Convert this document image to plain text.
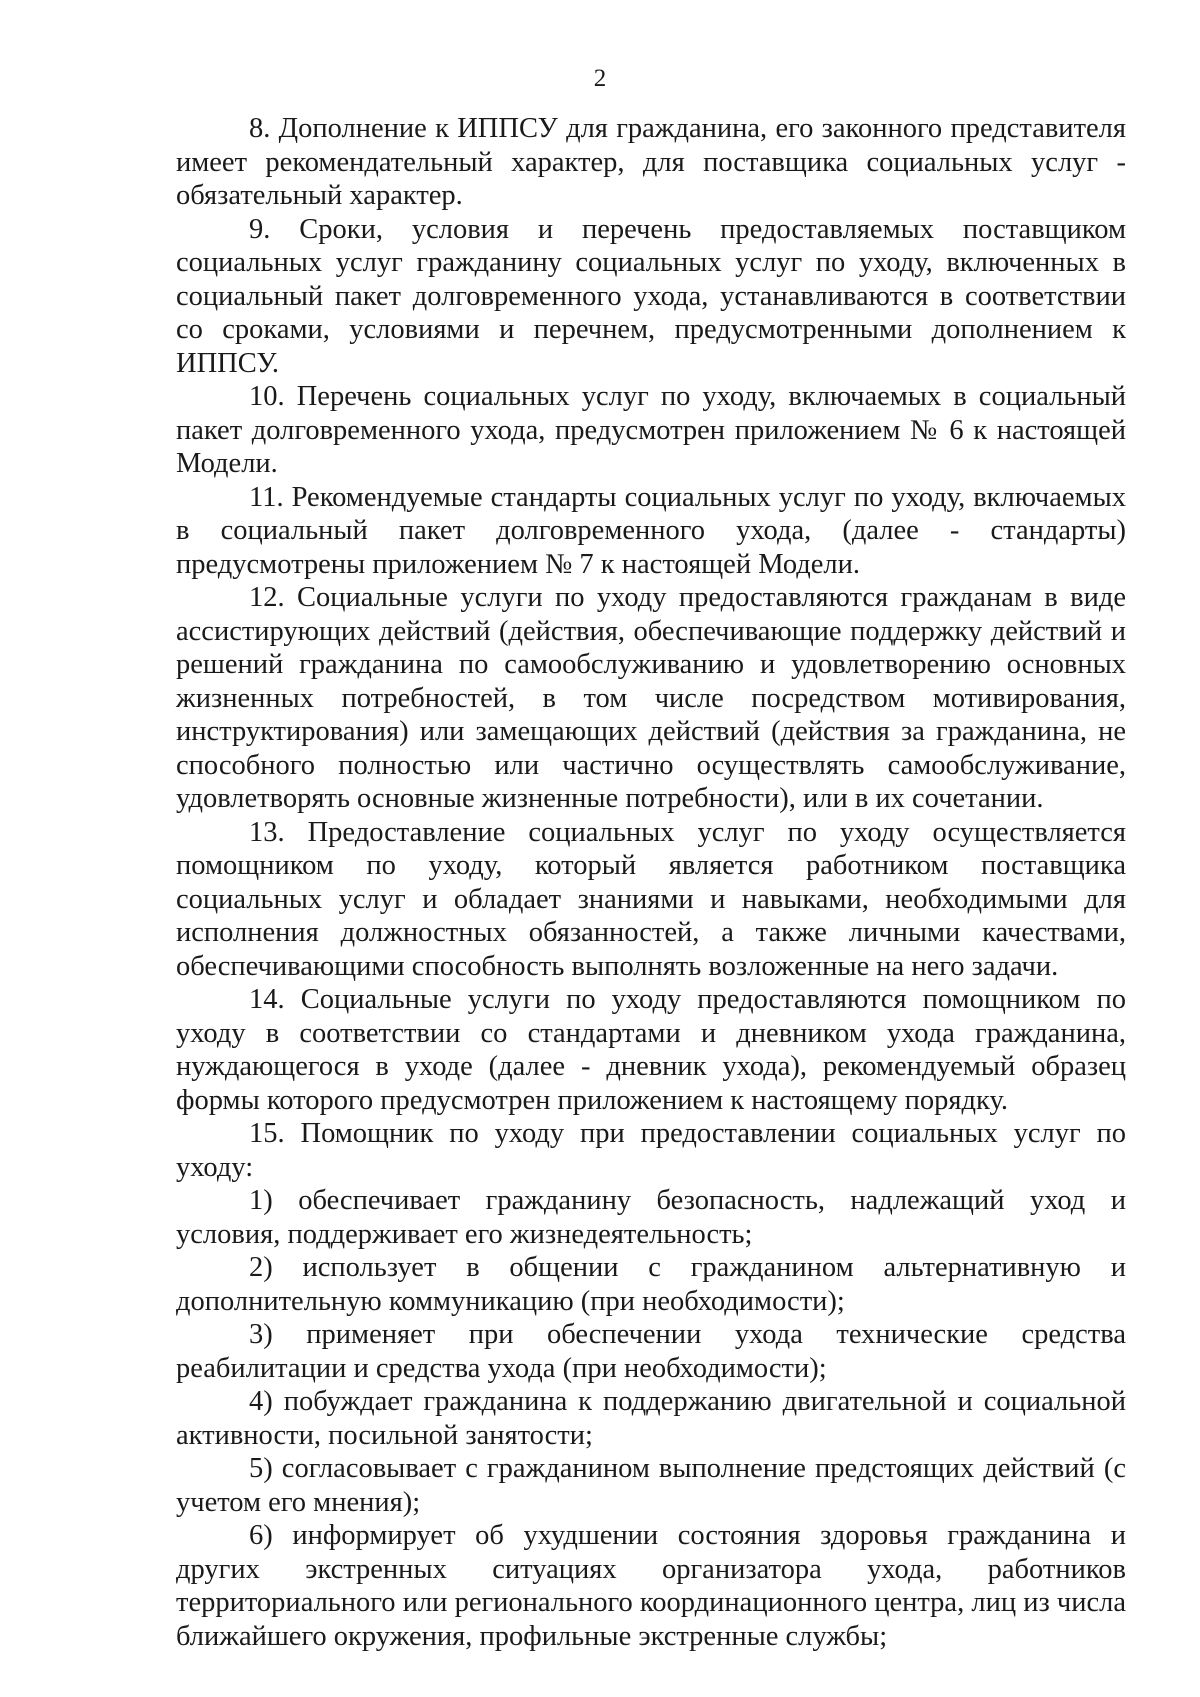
2

8. Дополнение к ИППСУ для гражданина, его законного представителя имеет рекомендательный характер, для поставщика социальных услуг - обязательный характер.

9. Сроки, условия и перечень предоставляемых поставщиком социальных услуг гражданину социальных услуг по уходу, включенных в социальный пакет долговременного ухода, устанавливаются в соответствии со сроками, условиями и перечнем, предусмотренными дополнением к ИППСУ.

10. Перечень социальных услуг по уходу, включаемых в социальный пакет долговременного ухода, предусмотрен приложением № 6 к настоящей Модели.

11. Рекомендуемые стандарты социальных услуг по уходу, включаемых в социальный пакет долговременного ухода, (далее - стандарты) предусмотрены приложением № 7 к настоящей Модели.

12. Социальные услуги по уходу предоставляются гражданам в виде ассистирующих действий (действия, обеспечивающие поддержку действий и решений гражданина по самообслуживанию и удовлетворению основных жизненных потребностей, в том числе посредством мотивирования, инструктирования) или замещающих действий (действия за гражданина, не способного полностью или частично осуществлять самообслуживание, удовлетворять основные жизненные потребности), или в их сочетании.

13. Предоставление социальных услуг по уходу осуществляется помощником по уходу, который является работником поставщика социальных услуг и обладает знаниями и навыками, необходимыми для исполнения должностных обязанностей, а также личными качествами, обеспечивающими способность выполнять возложенные на него задачи.

14. Социальные услуги по уходу предоставляются помощником по уходу в соответствии со стандартами и дневником ухода гражданина, нуждающегося в уходе (далее - дневник ухода), рекомендуемый образец формы которого предусмотрен приложением к настоящему порядку.

15. Помощник по уходу при предоставлении социальных услуг по уходу:

1) обеспечивает гражданину безопасность, надлежащий уход и условия, поддерживает его жизнедеятельность;

2) использует в общении с гражданином альтернативную и дополнительную коммуникацию (при необходимости);

3) применяет при обеспечении ухода технические средства реабилитации и средства ухода (при необходимости);

4) побуждает гражданина к поддержанию двигательной и социальной активности, посильной занятости;

5) согласовывает с гражданином выполнение предстоящих действий (с учетом его мнения);

6) информирует об ухудшении состояния здоровья гражданина и других экстренных ситуациях организатора ухода, работников территориального или регионального координационного центра, лиц из числа ближайшего окружения, профильные экстренные службы;
